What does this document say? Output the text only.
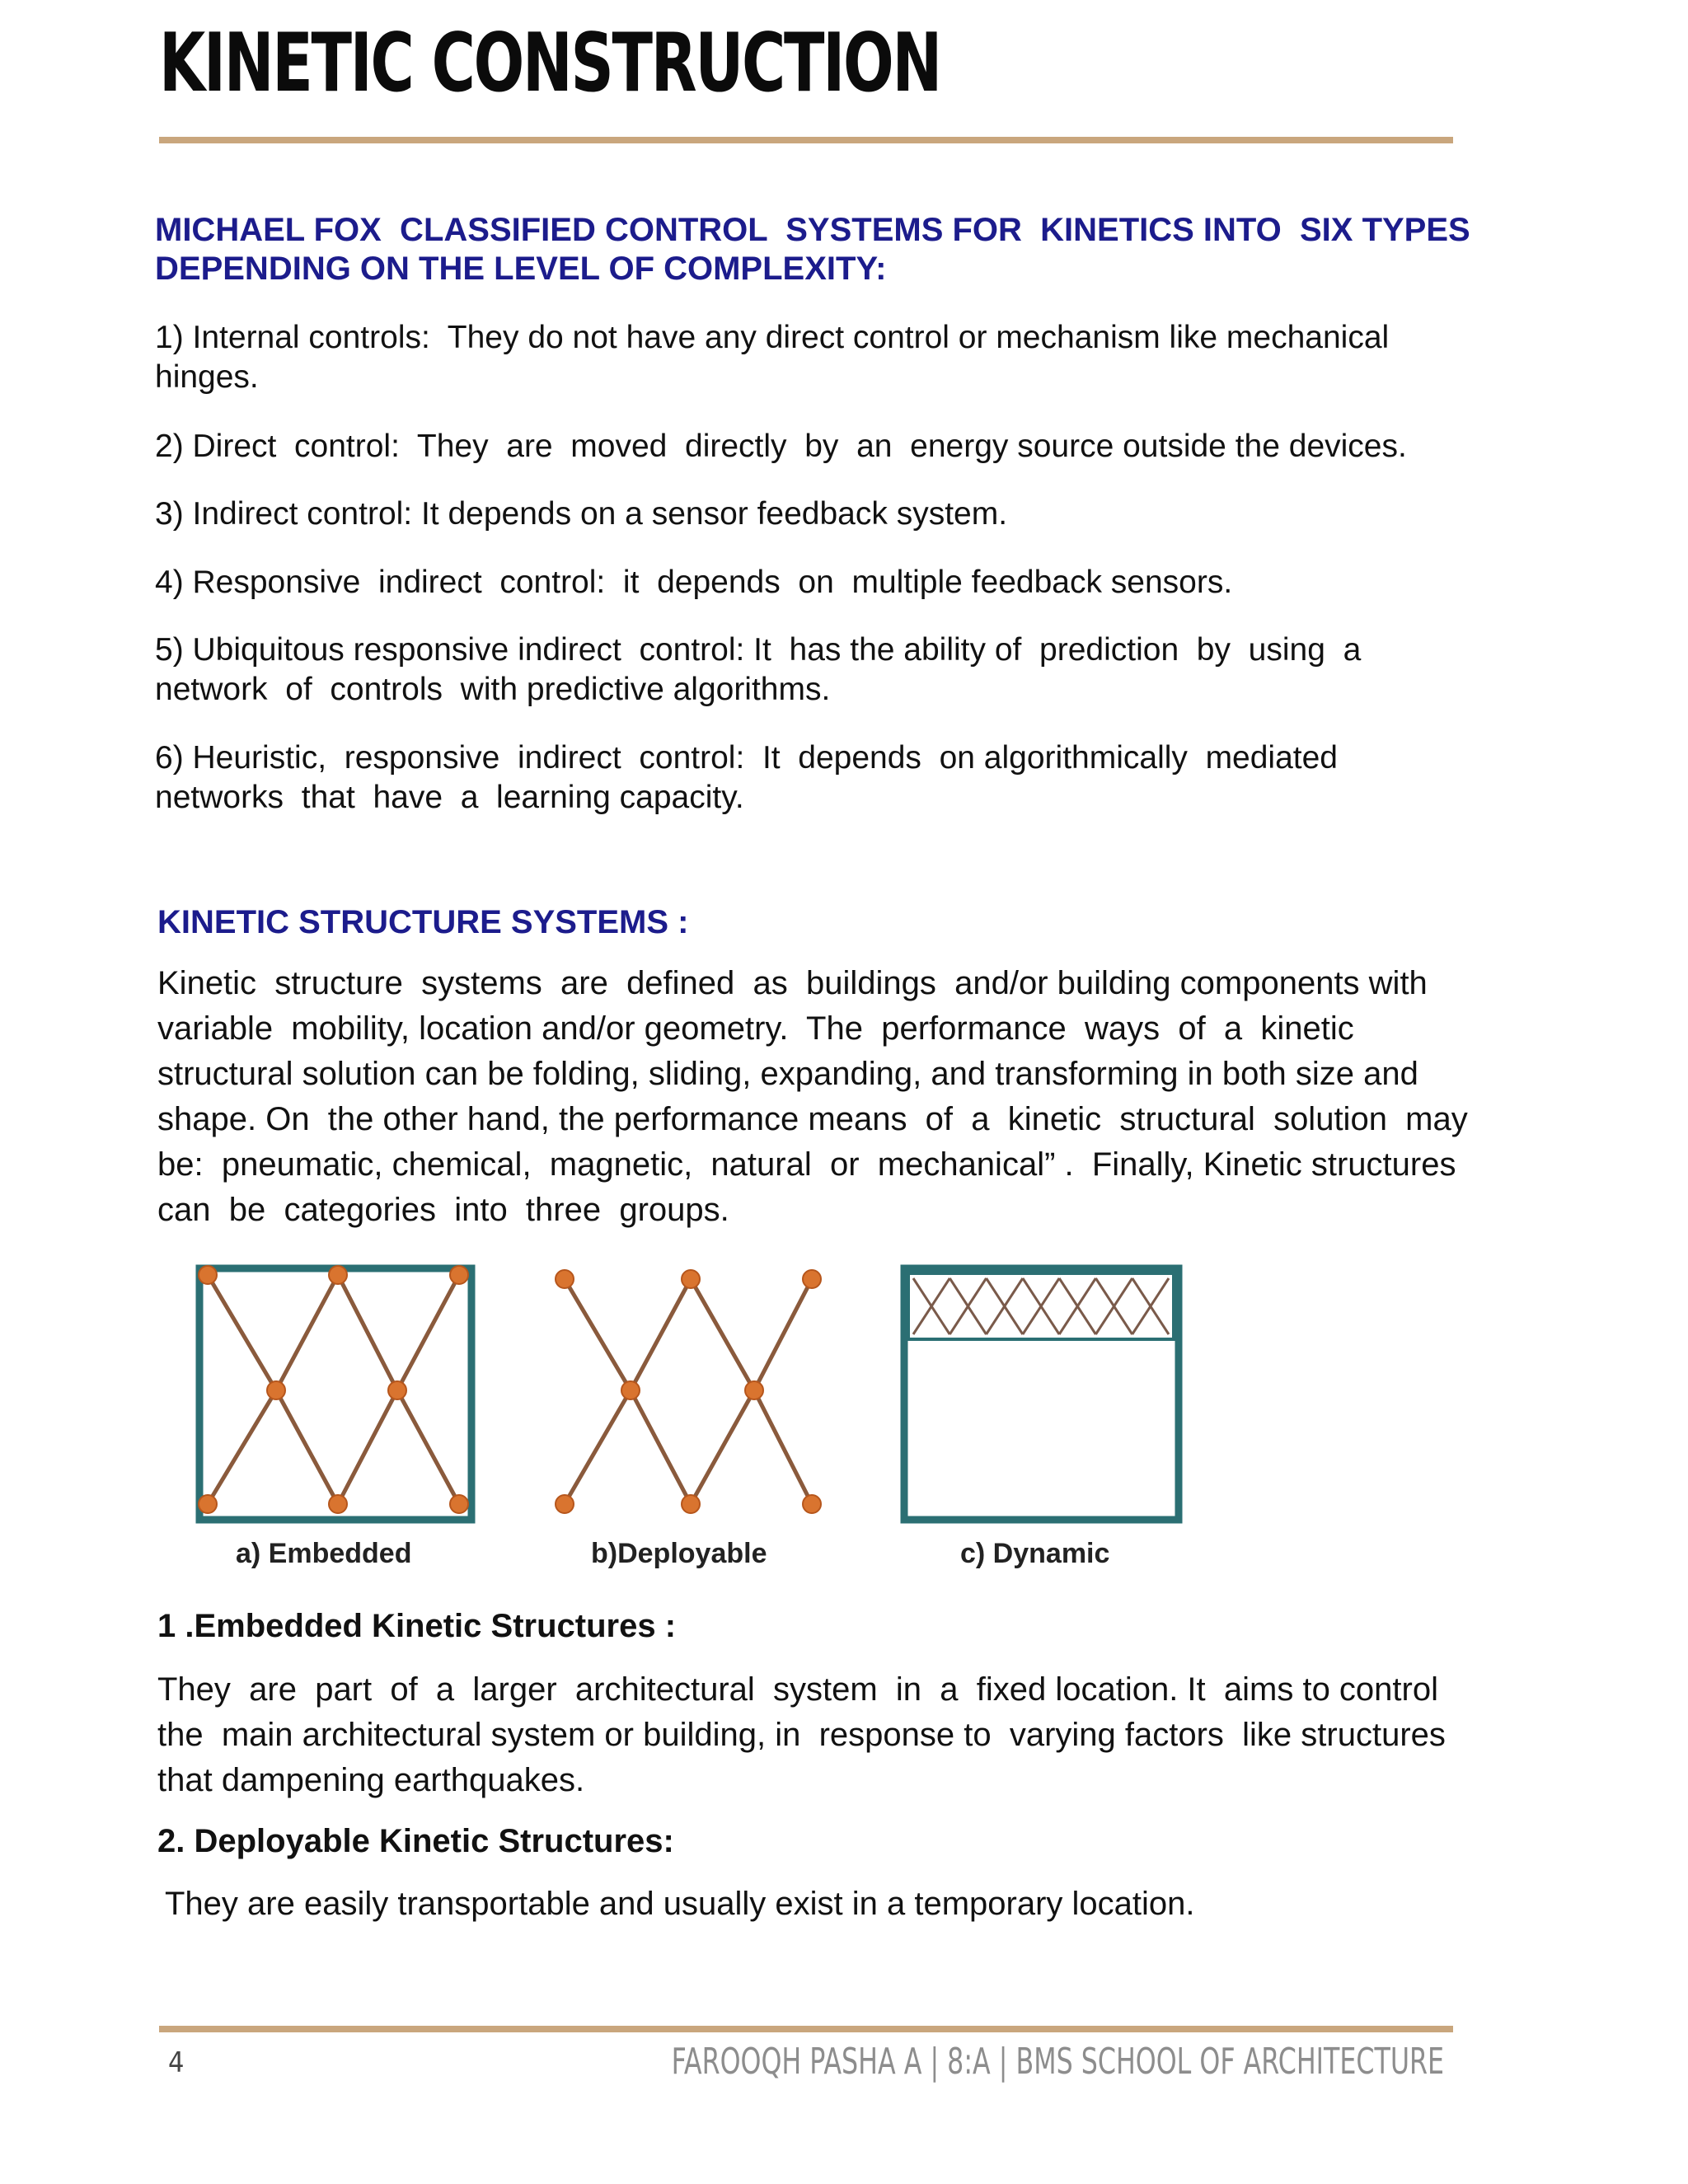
KINETIC CONSTRUCTION
MICHAEL FOX  CLASSIFIED CONTROL  SYSTEMS FOR  KINETICS INTO  SIX TYPES
DEPENDING ON THE LEVEL OF COMPLEXITY:
1) Internal controls:  They do not have any direct control or mechanism like mechanical
hinges.
2) Direct  control:  They  are  moved  directly  by  an  energy source outside the devices.
3) Indirect control: It depends on a sensor feedback system.
4) Responsive  indirect  control:  it  depends  on  multiple feedback sensors.
5) Ubiquitous responsive indirect  control: It  has the ability of  prediction  by  using  a
network  of  controls  with predictive algorithms.
6) Heuristic,  responsive  indirect  control:  It  depends  on algorithmically  mediated
networks  that  have  a  learning capacity.
KINETIC STRUCTURE SYSTEMS :
Kinetic  structure  systems  are  defined  as  buildings  and/or building components with
variable  mobility, location and/or geometry.  The  performance  ways  of  a  kinetic
structural solution can be folding, sliding, expanding, and transforming in both size and
shape. On  the other hand, the performance means  of  a  kinetic  structural  solution  may
be:  pneumatic, chemical,  magnetic,  natural  or  mechanical” .  Finally, Kinetic structures
can  be  categories  into  three  groups.
a) Embedded	b)Deployable	c) Dynamic
1 .Embedded Kinetic Structures :
They  are  part  of  a  larger  architectural  system  in  a  fixed location. It  aims to control
the  main architectural system or building, in  response to  varying factors  like structures
that dampening earthquakes.
2. Deployable Kinetic Structures:
They are easily transportable and usually exist in a temporary location.
4	FAROOQH PASHA A | 8:A | BMS SCHOOL OF ARCHITECTURE
